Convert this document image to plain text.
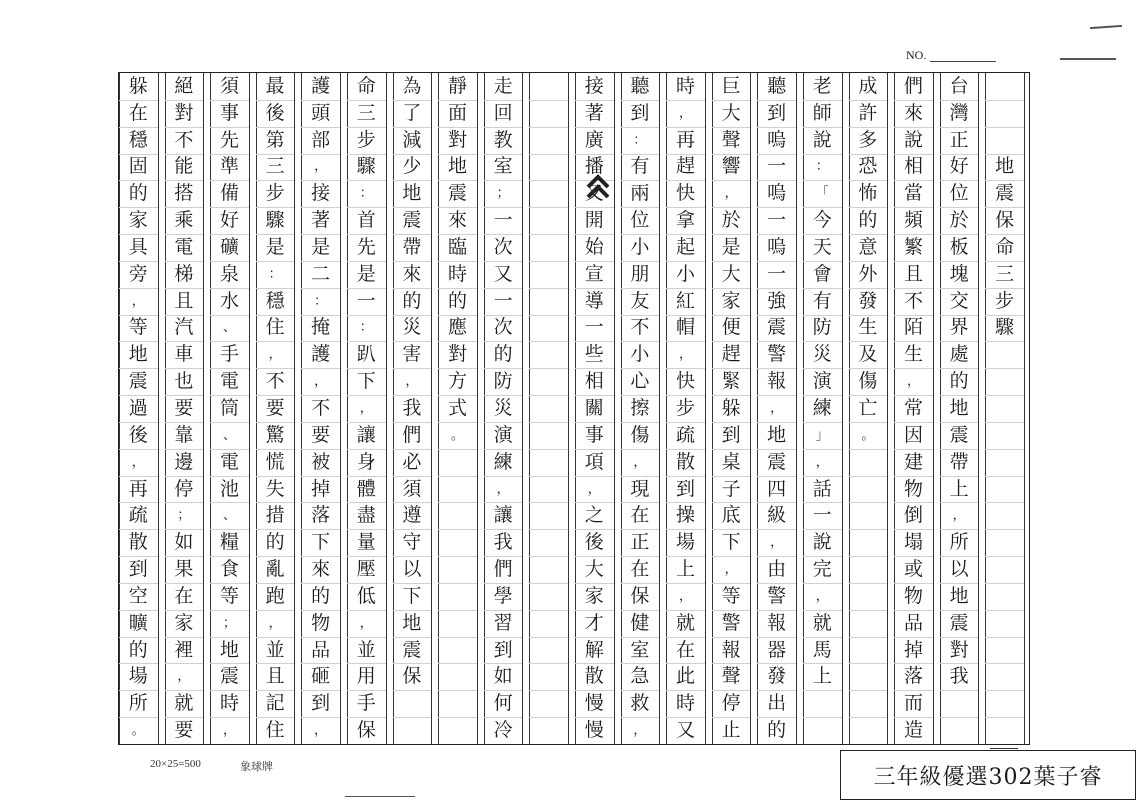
NO.
地
震
保
命
三
步
驟
台
灣
正
好
位
於
板
塊
交
界
處
的
地
震
帶
上
，
所
以
地
震
對
我
們
來
說
相
當
頻
繁
且
不
陌
生
，
常
因
建
物
倒
塌
或
物
品
掉
落
而
造
成
許
多
恐
怖
的
意
外
發
生
及
傷
亡
。
老
師
說
：
「
今
天
會
有
防
災
演
練
」
，
話
一
說
完
，
就
馬
上
聽
到
嗚
一
嗚
一
嗚
一
強
震
警
報
，
地
震
四
級
，
由
警
報
器
發
出
的
巨
大
聲
響
，
於
是
大
家
便
趕
緊
躲
到
桌
子
底
下
，
等
警
報
聲
停
止
時
，
再
趕
快
拿
起
小
紅
帽
，
快
步
疏
散
到
操
場
上
，
就
在
此
時
又
聽
到
：
有
兩
位
小
朋
友
不
小
心
擦
傷
，
現
在
正
在
保
健
室
急
救
，
接
著
廣
播
又
開
始
宣
導
一
些
相
關
事
項
，
之
後
大
家
才
解
散
慢
慢
走
回
教
室
；
一
次
又
一
次
的
防
災
演
練
，
讓
我
們
學
習
到
如
何
冷
靜
面
對
地
震
來
臨
時
的
應
對
方
式
。
為
了
減
少
地
震
帶
來
的
災
害
，
我
們
必
須
遵
守
以
下
地
震
保
命
三
步
驟
：
首
先
是
一
：
趴
下
，
讓
身
體
盡
量
壓
低
，
並
用
手
保
護
頭
部
，
接
著
是
二
：
掩
護
，
不
要
被
掉
落
下
來
的
物
品
砸
到
，
最
後
第
三
步
驟
是
：
穩
住
，
不
要
驚
慌
失
措
的
亂
跑
，
並
且
記
住
須
事
先
準
備
好
礦
泉
水
、
手
電
筒
、
電
池
、
糧
食
等
；
地
震
時
，
絕
對
不
能
搭
乘
電
梯
且
汽
車
也
要
靠
邊
停
；
如
果
在
家
裡
，
就
要
躲
在
穩
固
的
家
具
旁
，
等
地
震
過
後
，
再
疏
散
到
空
曠
的
場
所
。
20×25=500	象球牌	三年級優選302葉子睿
